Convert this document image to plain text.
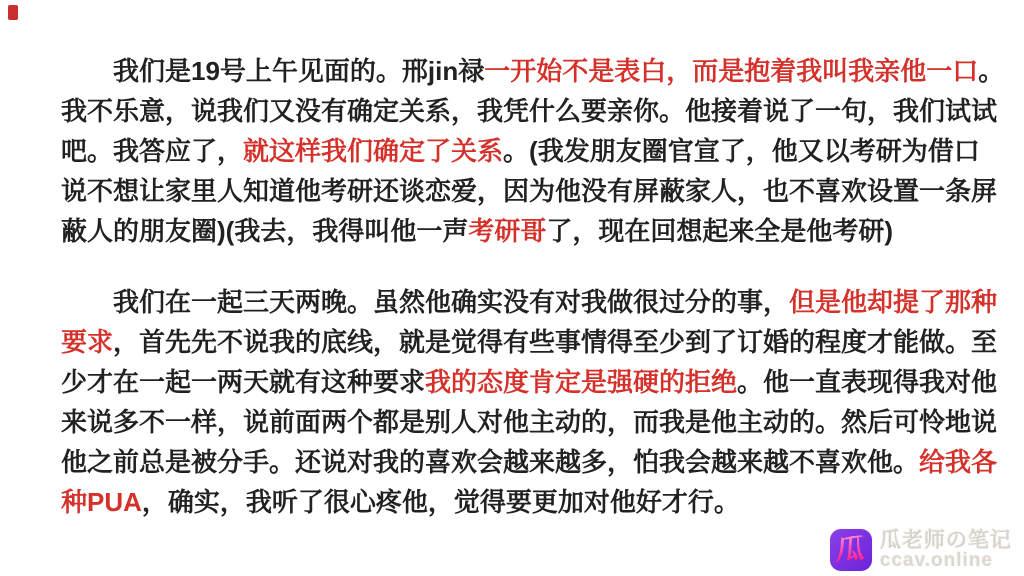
我们是19号上午见面的。邢jin禄一开始不是表白，而是抱着我叫我亲他一口。
我不乐意，说我们又没有确定关系，我凭什么要亲你。他接着说了一句，我们试试
吧。我答应了，就这样我们确定了关系。(我发朋友圈官宣了，他又以考研为借口
说不想让家里人知道他考研还谈恋爱，因为他没有屏蔽家人，也不喜欢设置一条屏
蔽人的朋友圈)(我去，我得叫他一声考研哥了，现在回想起来全是他考研)
我们在一起三天两晚。虽然他确实没有对我做很过分的事，但是他却提了那种
要求，首先先不说我的底线，就是觉得有些事情得至少到了订婚的程度才能做。至
少才在一起一两天就有这种要求我的态度肯定是强硬的拒绝。他一直表现得我对他
来说多不一样，说前面两个都是别人对他主动的，而我是他主动的。然后可怜地说
他之前总是被分手。还说对我的喜欢会越来越多，怕我会越来越不喜欢他。给我各
种PUA，确实，我听了很心疼他，觉得要更加对他好才行。
瓜 瓜老师の笔记
ccav.online
